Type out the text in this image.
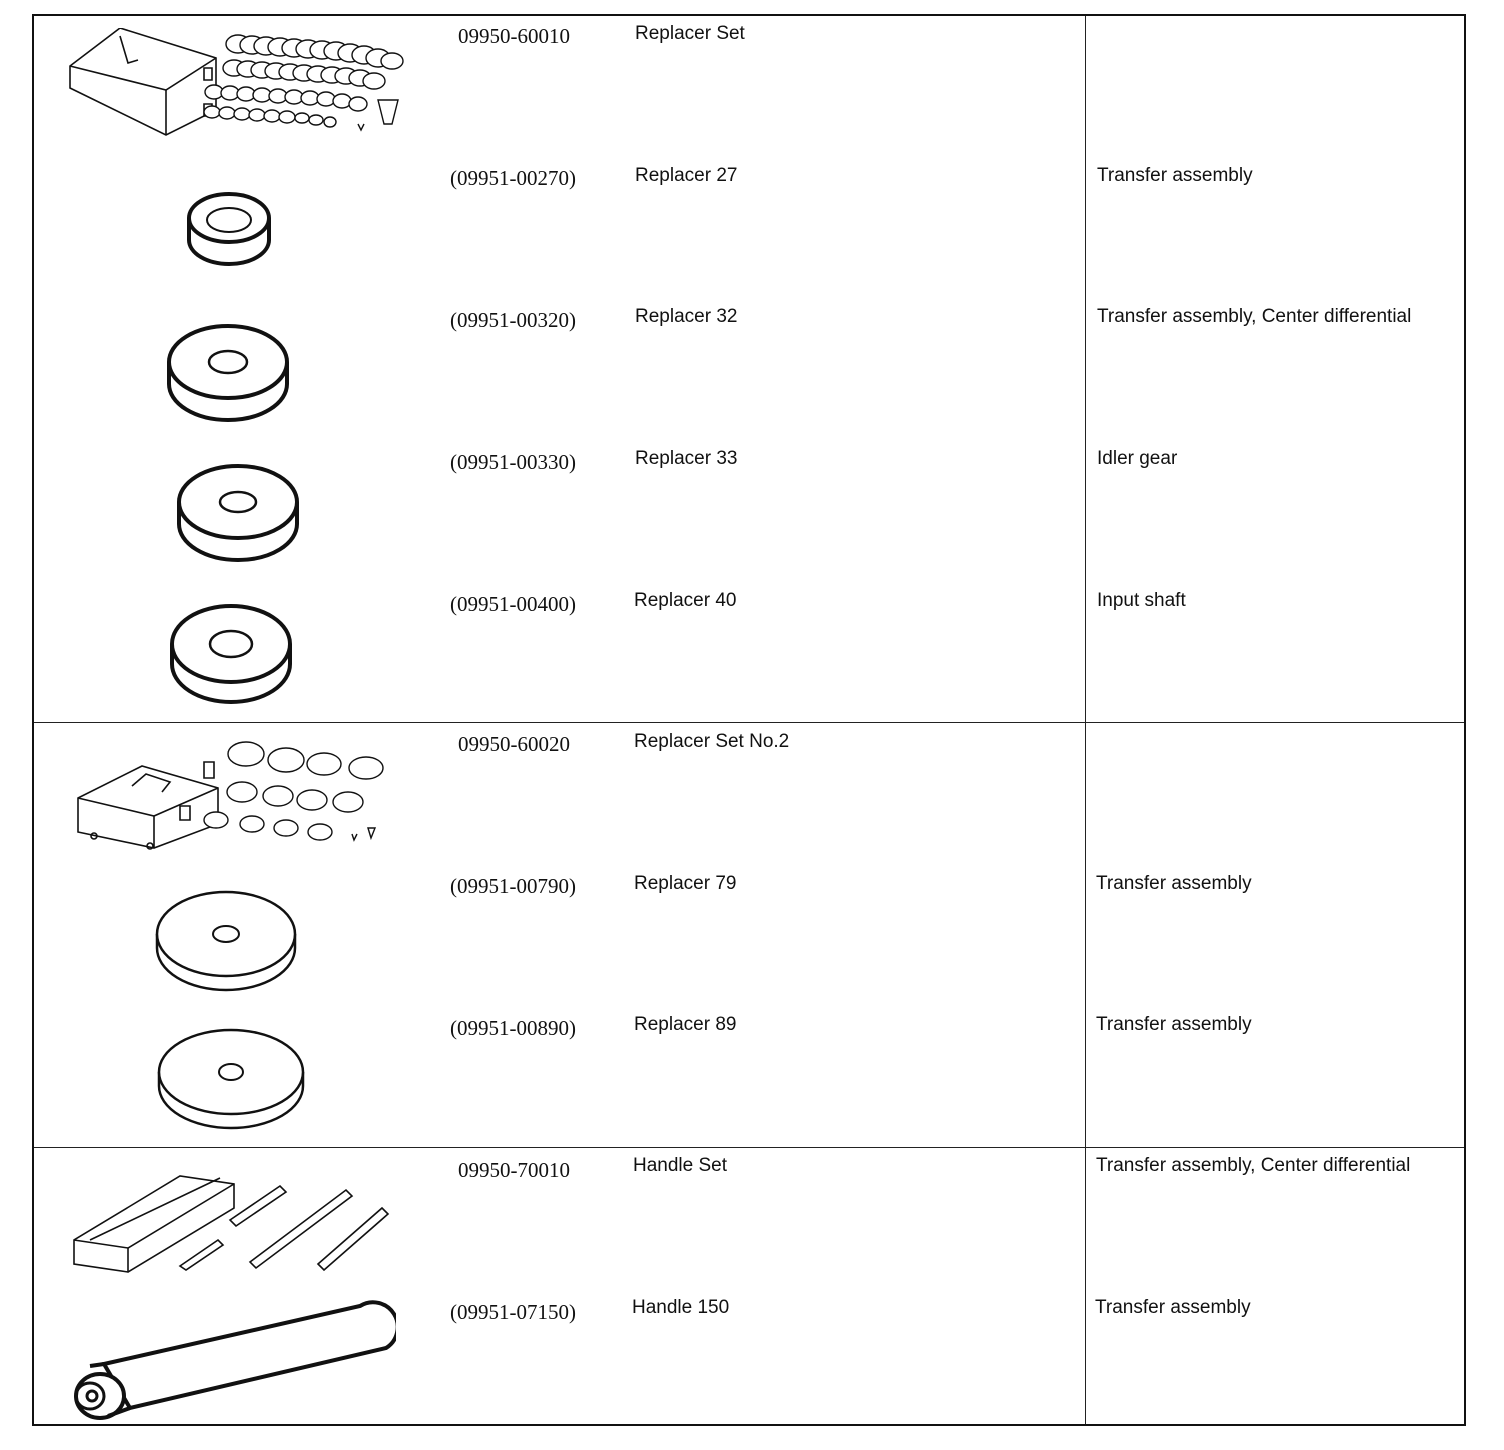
09950-60010	Replacer Set
(09951-00270)	Replacer 27	Transfer assembly
(09951-00320)	Replacer 32	Transfer assembly, Center differential
(09951-00330)	Replacer 33	Idler gear
(09951-00400)	Replacer 40	Input shaft
09950-60020	Replacer Set No.2
(09951-00790)	Replacer 79	Transfer assembly
(09951-00890)	Replacer 89	Transfer assembly
09950-70010	Handle Set	Transfer assembly, Center differential
(09951-07150)	Handle 150	Transfer assembly
